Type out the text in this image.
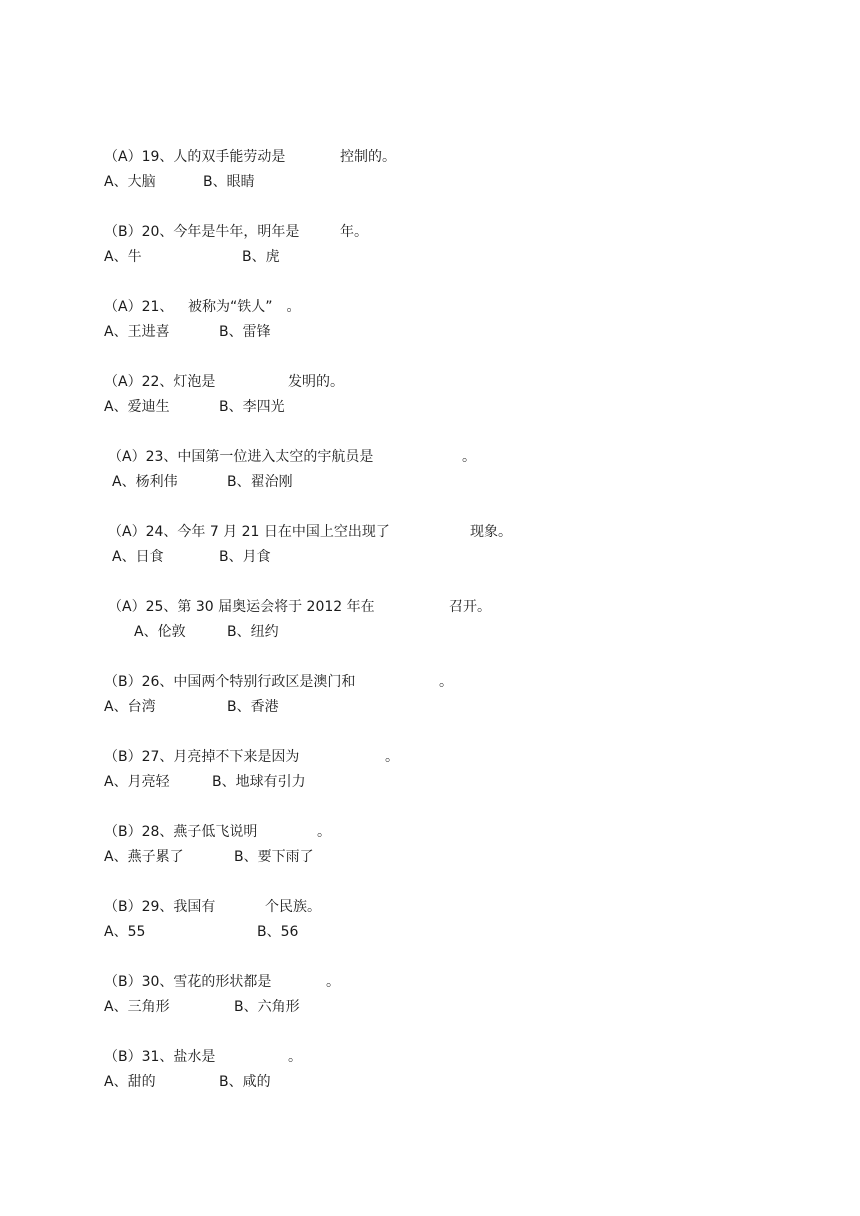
（A）19、人的双手能劳动是	控制的。
A、大脑	B、眼睛
（B）20、今年是牛年，明年是	年。
A、牛	B、虎
（A）21、 被称为“铁人”　。
A、王进喜	B、雷锋
（A）22、灯泡是	发明的。
A、爱迪生	B、李四光
（A）23、中国第一位进入太空的宇航员是	。
A、杨利伟	B、翟治刚
（A）24、今年 7 月 21 日在中国上空出现了	现象。
A、日食	B、月食
（A）25、第 30 届奥运会将于 2012 年在	召开。
A、伦敦	B、纽约
（B）26、中国两个特别行政区是澳门和	。
A、台湾	B、香港
（B）27、月亮掉不下来是因为	。
A、月亮轻	B、地球有引力
（B）28、燕子低飞说明	。
A、燕子累了	B、要下雨了
（B）29、我国有	个民族。
A、55	B、56
（B）30、雪花的形状都是	。
A、三角形	B、六角形
（B）31、盐水是	。
A、甜的	B、咸的
